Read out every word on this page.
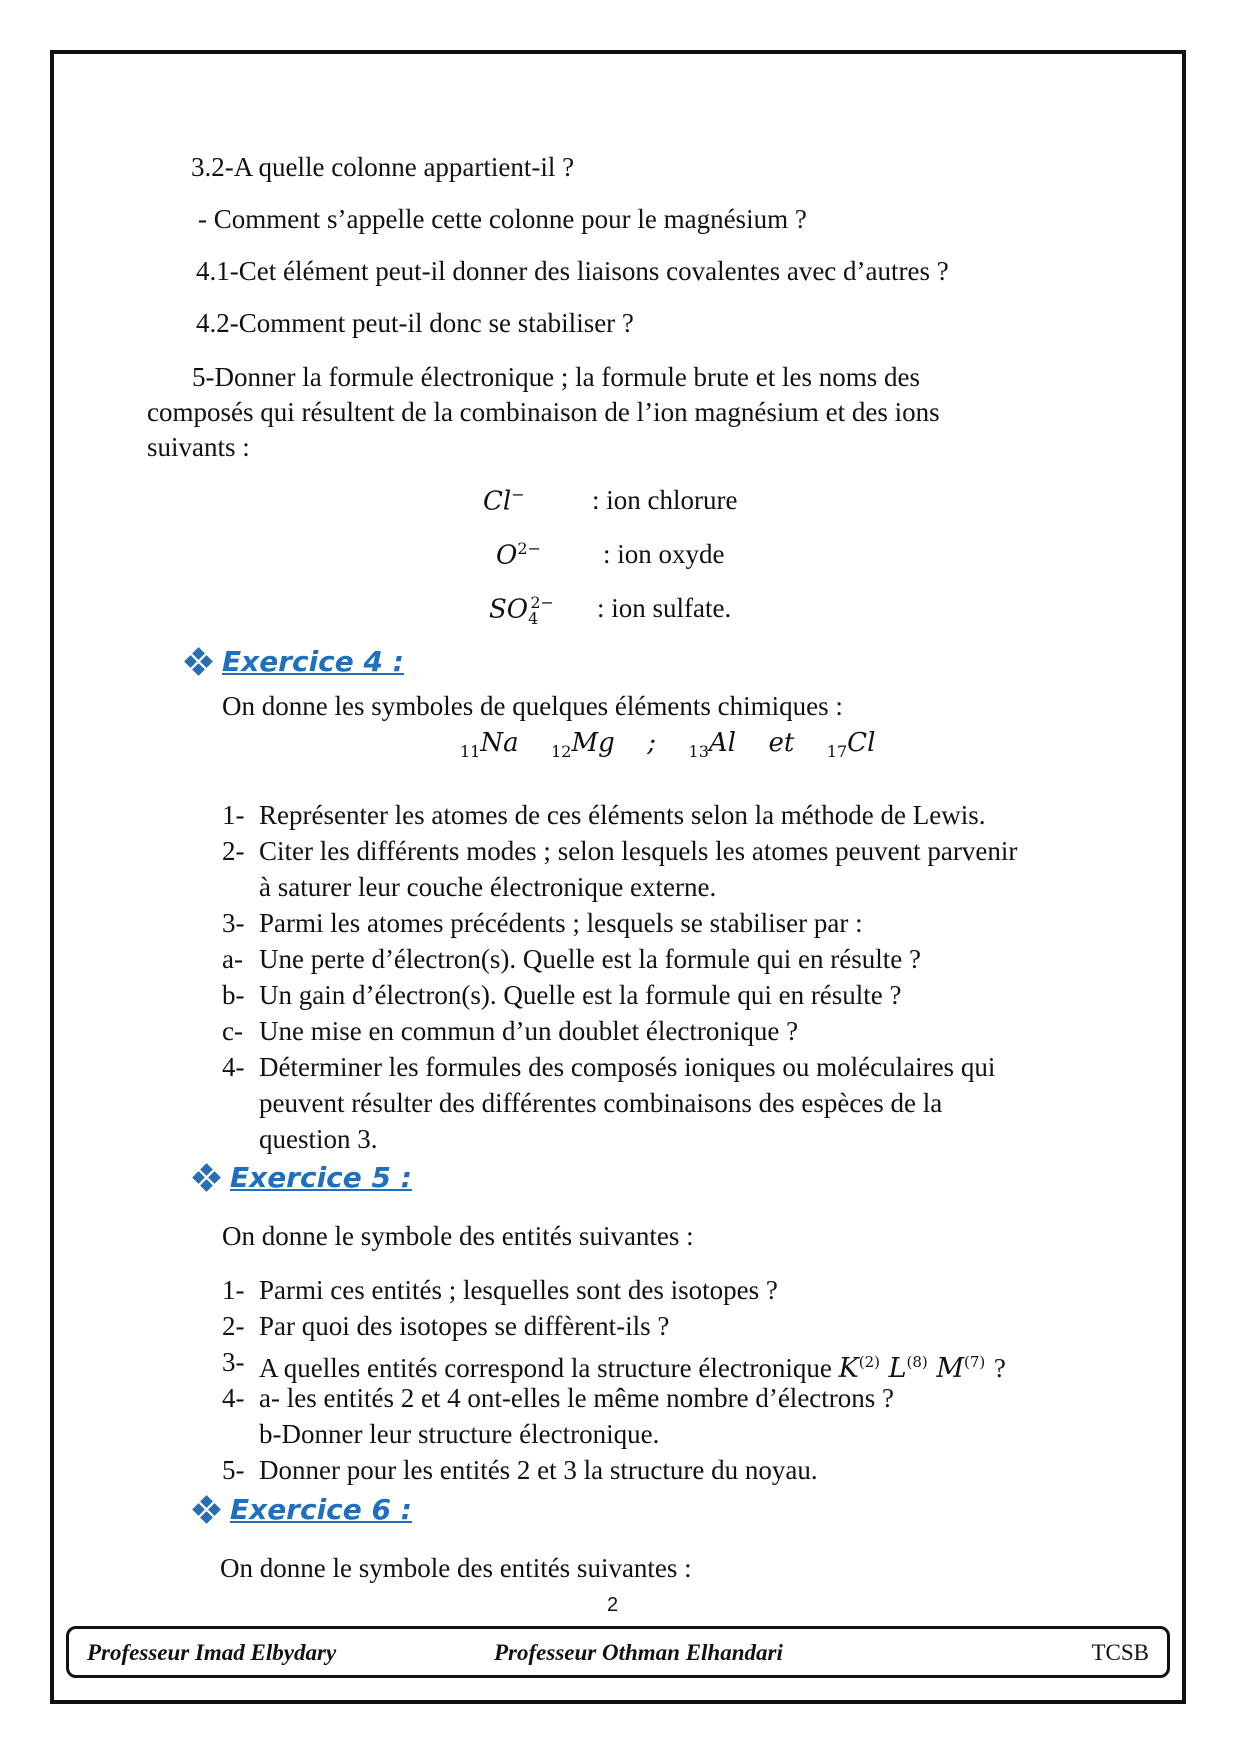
3.2-A quelle colonne appartient-il ?
- Comment s’appelle cette colonne pour le magnésium ?
4.1-Cet élément peut-il donner des liaisons covalentes avec d’autres ?
4.2-Comment peut-il donc se stabiliser ?
5-Donner la formule électronique ; la formule brute et les noms des
composés qui résultent de la combinaison de l’ion magnésium et des ions
suivants :
Cl− : ion chlorure
$O^{2-}$ : ion oxyde
$SO_4^{2-}$ : ion sulfate.
Exercice 4 :
On donne les symboles de quelques éléments chimiques :
$_{11}$Na $_{12}$Mg ; $_{13}$Al et $_{17}$Cl
1- Représenter les atomes de ces éléments selon la méthode de Lewis.
2- Citer les différents modes ; selon lesquels les atomes peuvent parvenir
à saturer leur couche électronique externe.
3- Parmi les atomes précédents ; lesquels se stabiliser par :
a- Une perte d’électron(s). Quelle est la formule qui en résulte ?
b- Un gain d’électron(s). Quelle est la formule qui en résulte ?
c- Une mise en commun d’un doublet électronique ?
4- Déterminer les formules des composés ioniques ou moléculaires qui
peuvent résulter des différentes combinaisons des espèces de la
question 3.
Exercice 5 :
On donne le symbole des entités suivantes :
1- Parmi ces entités ; lesquelles sont des isotopes ?
2- Par quoi des isotopes se diffèrent-ils ?
3- A quelles entités correspond la structure électronique $K^{(2)}$ $L^{(8)}$ $M^{(7)}$ ?
4- a- les entités 2 et 4 ont-elles le même nombre d’électrons ?
b-Donner leur structure électronique.
5- Donner pour les entités 2 et 3 la structure du noyau.
Exercice 6 :
On donne le symbole des entités suivantes :
2
Professeur Imad Elbydary	Professeur Othman Elhandari	TCSB
